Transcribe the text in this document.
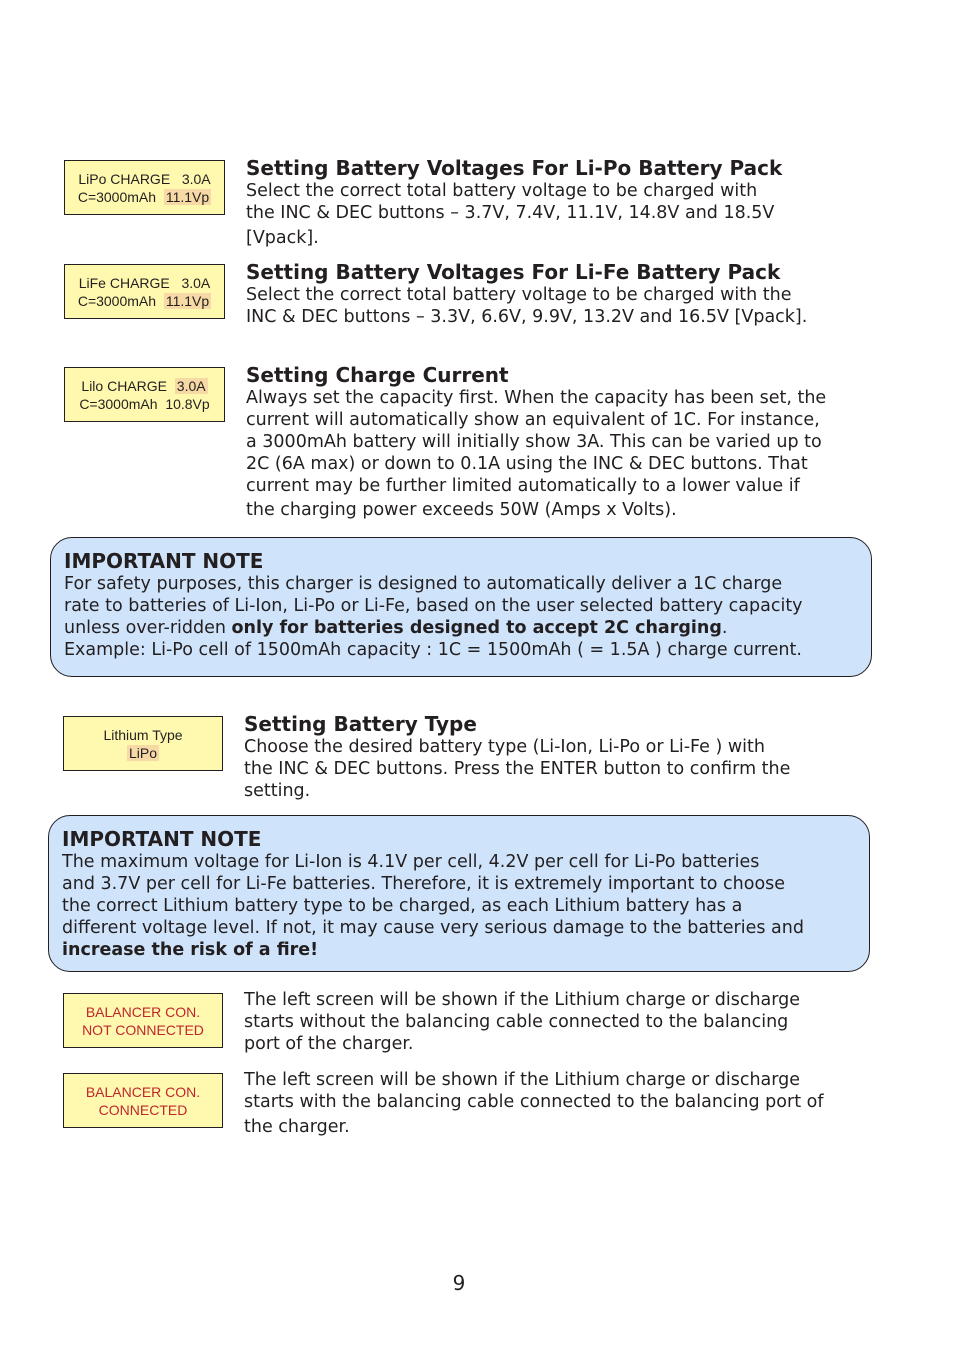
LiPo CHARGE 3.0A
C=3000mAh 11.1Vp
Setting Battery Voltages For Li-Po Battery Pack

Select the correct total battery voltage to be charged with

the INC & DEC buttons – 3.7V, 7.4V, 11.1V, 14.8V and 18.5V

[Vpack].

LiFe CHARGE 3.0A
C=3000mAh 11.1Vp
Setting Battery Voltages For Li-Fe Battery Pack

Select the correct total battery voltage to be charged with the

INC & DEC buttons – 3.3V, 6.6V, 9.9V, 13.2V and 16.5V [Vpack].

Lilo CHARGE 3.0A
C=3000mAh 10.8Vp
Setting Charge Current

Always set the capacity first. When the capacity has been set, the

current will automatically show an equivalent of 1C. For instance,

a 3000mAh battery will initially show 3A. This can be varied up to

2C (6A max) or down to 0.1A using the INC & DEC buttons. That

current may be further limited automatically to a lower value if

the charging power exceeds 50W (Amps x Volts).

IMPORTANT NOTE

For safety purposes, this charger is designed to automatically deliver a 1C charge

rate to batteries of Li-Ion, Li-Po or Li-Fe, based on the user selected battery capacity

unless over-ridden only for batteries designed to accept 2C charging.

Example: Li-Po cell of 1500mAh capacity : 1C = 1500mAh ( = 1.5A ) charge current.

Lithium Type
LiPo
Setting Battery Type

Choose the desired battery type (Li-Ion, Li-Po or Li-Fe ) with

the INC & DEC buttons. Press the ENTER button to confirm the

setting.

IMPORTANT NOTE

The maximum voltage for Li-Ion is 4.1V per cell, 4.2V per cell for Li-Po batteries

and 3.7V per cell for Li-Fe batteries. Therefore, it is extremely important to choose

the correct Lithium battery type to be charged, as each Lithium battery has a

different voltage level. If not, it may cause very serious damage to the batteries and

increase the risk of a fire!

BALANCER CON.
NOT CONNECTED

The left screen will be shown if the Lithium charge or discharge

starts without the balancing cable connected to the balancing

port of the charger.

BALANCER CON.
CONNECTED

The left screen will be shown if the Lithium charge or discharge

starts with the balancing cable connected to the balancing port of

the charger.

9
